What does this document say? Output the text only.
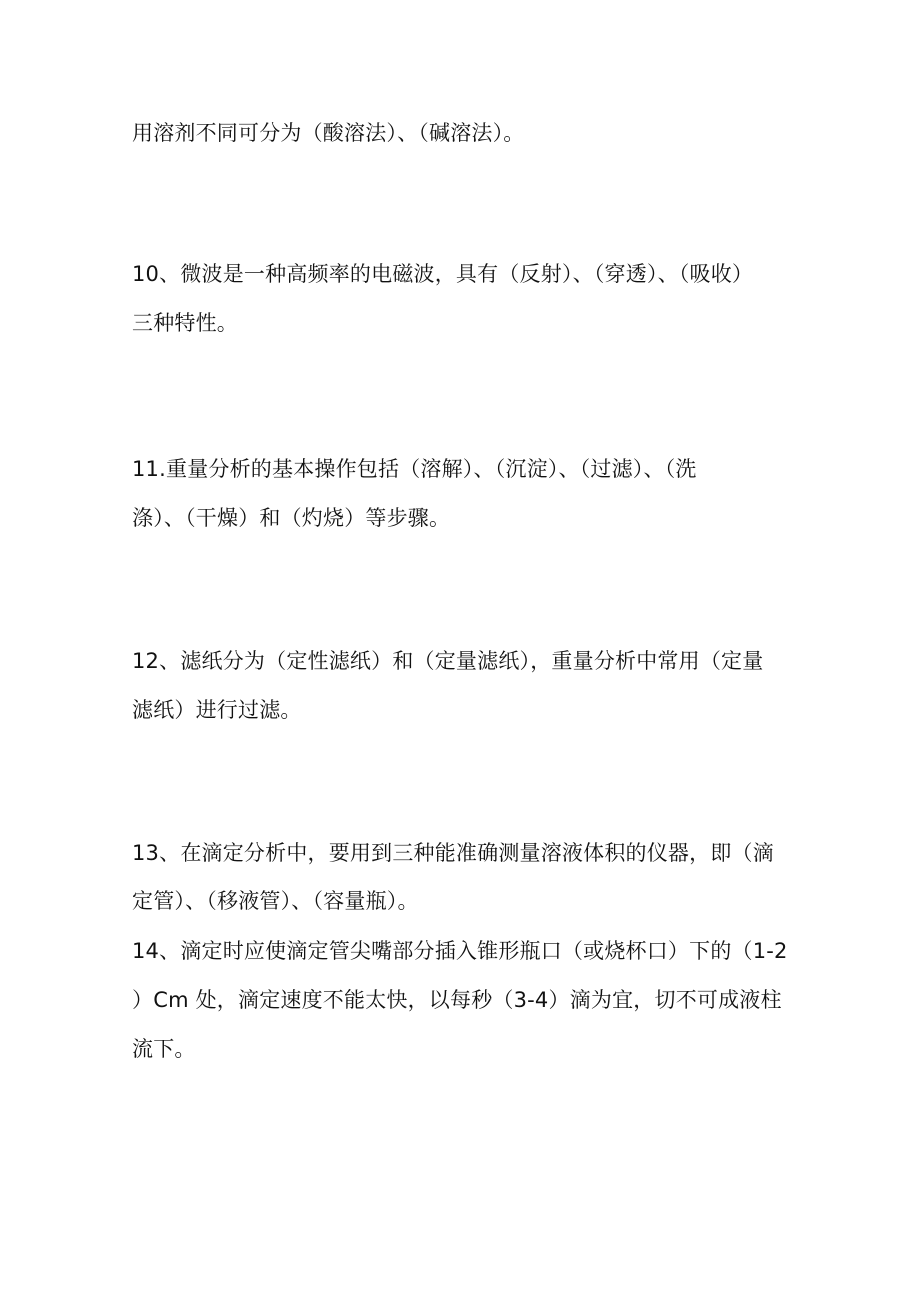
用溶剂不同可分为（酸溶法）、（碱溶法）。
10、微波是一种高频率的电磁波，具有（反射）、（穿透）、（吸收）
三种特性。
11.重量分析的基本操作包括（溶解）、（沉淀）、（过滤）、（洗
涤）、（干燥）和（灼烧）等步骤。
12、滤纸分为（定性滤纸）和（定量滤纸），重量分析中常用（定量
滤纸）进行过滤。
13、在滴定分析中，要用到三种能准确测量溶液体积的仪器，即（滴
定管）、（移液管）、（容量瓶）。
14、滴定时应使滴定管尖嘴部分插入锥形瓶口（或烧杯口）下的（1-2
）Cm 处，滴定速度不能太快，以每秒（3-4）滴为宜，切不可成液柱
流下。
